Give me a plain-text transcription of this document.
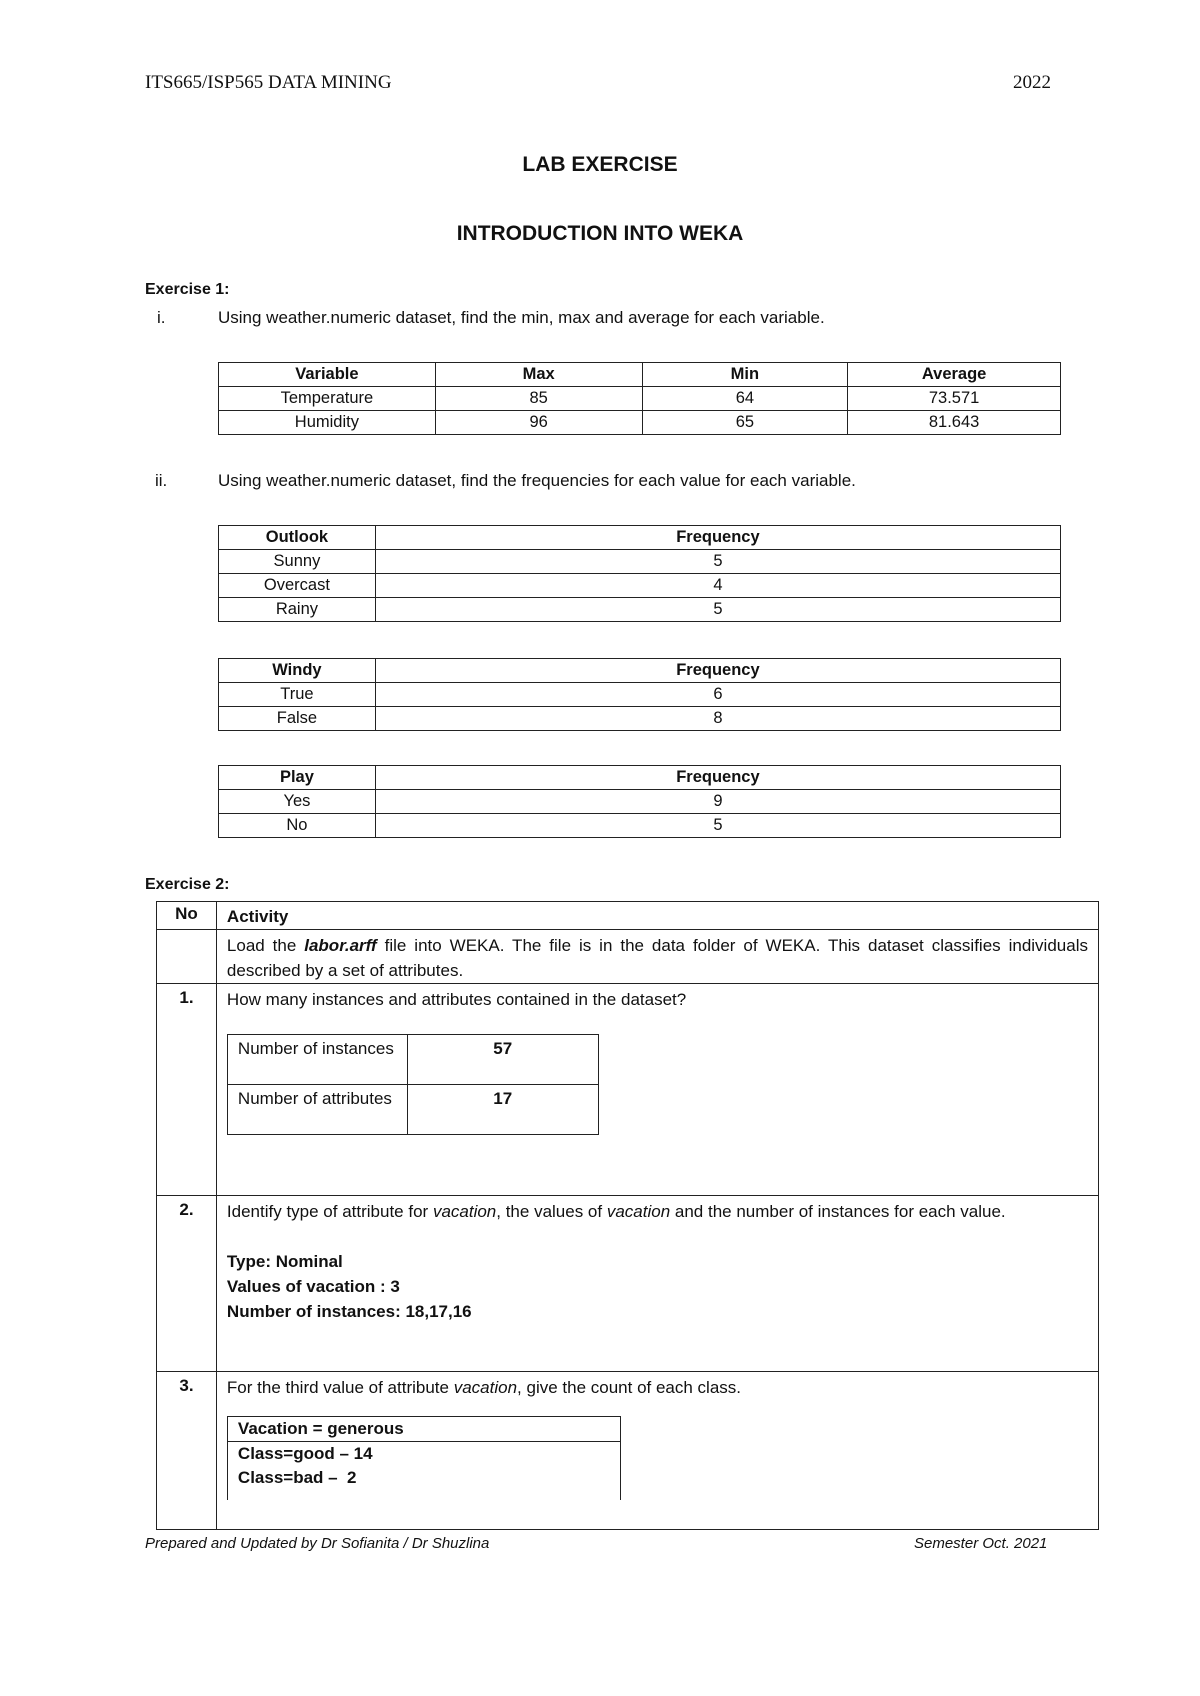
ITS665/ISP565 DATA MINING	2022
LAB EXERCISE
INTRODUCTION INTO WEKA
Exercise 1:
i.	Using weather.numeric dataset, find the min, max and average for each variable.
Variable	Max	Min	Average
Temperature	85	64	73.571
Humidity	96	65	81.643
ii.	Using weather.numeric dataset, find the frequencies for each value for each variable.
Outlook	Frequency
Sunny	5
Overcast	4
Rainy	5
Windy	Frequency
True	6
False	8
Play	Frequency
Yes	9
No	5
Exercise 2:
No	Activity
	Load the labor.arff file into WEKA. The file is in the data folder of WEKA. This dataset classifies individuals described by a set of attributes.
1.	How many instances and attributes contained in the dataset?
Number of instances	57
Number of attributes	17

2.	Identify type of attribute for vacation, the values of vacation and the number of instances for each value.
Type: Nominal
Values of vacation : 3
Number of instances: 18,17,16

3.	For the third value of attribute vacation, give the count of each class.
Vacation = generous

Class=good – 14
Class=bad –  2
Prepared and Updated by Dr Sofianita / Dr Shuzlina	Semester Oct. 2021
